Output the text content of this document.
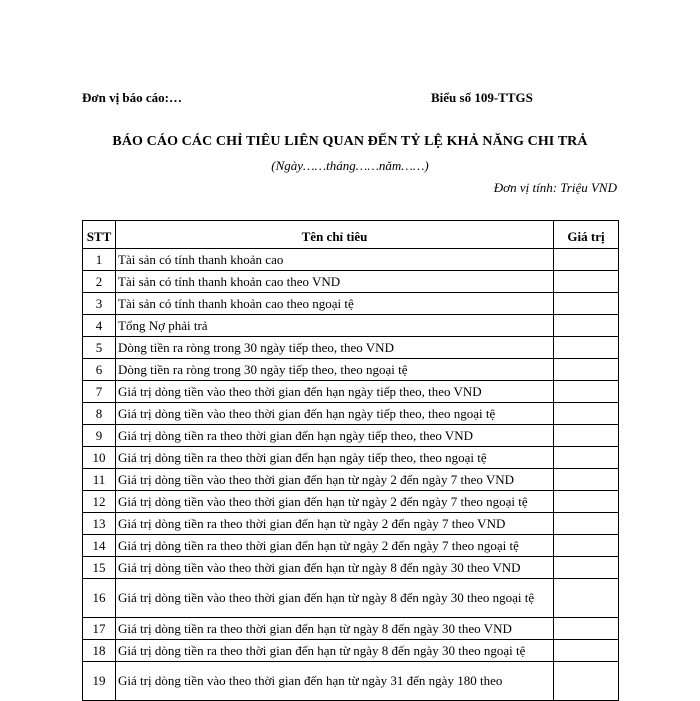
Đơn vị báo cáo:…	Biểu số 109-TTGS
BÁO CÁO CÁC CHỈ TIÊU LIÊN QUAN ĐẾN TỶ LỆ KHẢ NĂNG CHI TRẢ
(Ngày……tháng……năm……)
Đơn vị tính: Triệu VND
STT	Tên chỉ tiêu	Giá trị
1	Tài sản có tính thanh khoản cao	
2	Tài sản có tính thanh khoản cao theo VND	
3	Tài sản có tính thanh khoản cao theo ngoại tệ	
4	Tổng Nợ phải trả	
5	Dòng tiền ra ròng trong 30 ngày tiếp theo, theo VND	
6	Dòng tiền ra ròng trong 30 ngày tiếp theo, theo ngoại tệ	
7	Giá trị dòng tiền vào theo thời gian đến hạn ngày tiếp theo, theo VND	
8	Giá trị dòng tiền vào theo thời gian đến hạn ngày tiếp theo, theo ngoại tệ	
9	Giá trị dòng tiền ra theo thời gian đến hạn ngày tiếp theo, theo VND	
10	Giá trị dòng tiền ra theo thời gian đến hạn ngày tiếp theo, theo ngoại tệ	
11	Giá trị dòng tiền vào theo thời gian đến hạn từ ngày 2 đến ngày 7 theo VND	
12	Giá trị dòng tiền vào theo thời gian đến hạn từ ngày 2 đến ngày 7 theo ngoại tệ	
13	Giá trị dòng tiền ra theo thời gian đến hạn từ ngày 2 đến ngày 7 theo VND	
14	Giá trị dòng tiền ra theo thời gian đến hạn từ ngày 2 đến ngày 7 theo ngoại tệ	
15	Giá trị dòng tiền vào theo thời gian đến hạn từ ngày 8 đến ngày 30 theo VND	
16	Giá trị dòng tiền vào theo thời gian đến hạn từ ngày 8 đến ngày 30 theo ngoại tệ	
17	Giá trị dòng tiền ra theo thời gian đến hạn từ ngày 8 đến ngày 30 theo VND	
18	Giá trị dòng tiền ra theo thời gian đến hạn từ ngày 8 đến ngày 30 theo ngoại tệ	
19	Giá trị dòng tiền vào theo thời gian đến hạn từ ngày 31 đến ngày 180 theo	
